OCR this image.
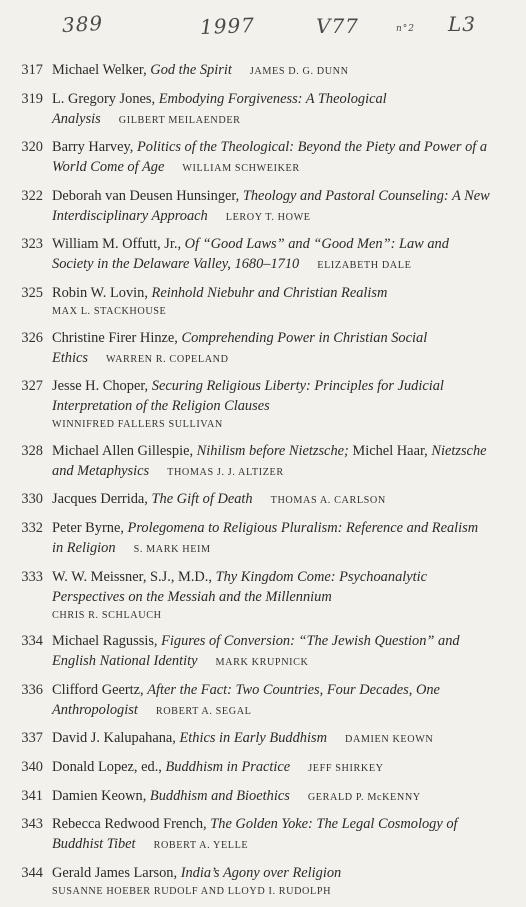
389	1997	V77	n°2 L3
317 Michael Welker, God the Spirit JAMES D. G. DUNN
319 L. Gregory Jones, Embodying Forgiveness: A Theological Analysis GILBERT MEILAENDER
320 Barry Harvey, Politics of the Theological: Beyond the Piety and Power of a World Come of Age WILLIAM SCHWEIKER
322 Deborah van Deusen Hunsinger, Theology and Pastoral Counseling: A New Interdisciplinary Approach LEROY T. HOWE
323 William M. Offutt, Jr., Of “Good Laws” and “Good Men”: Law and Society in the Delaware Valley, 1680–1710 ELIZABETH DALE
325 Robin W. Lovin, Reinhold Niebuhr and Christian Realism
MAX L. STACKHOUSE
326 Christine Firer Hinze, Comprehending Power in Christian Social Ethics WARREN R. COPELAND
327 Jesse H. Choper, Securing Religious Liberty: Principles for Judicial Interpretation of the Religion Clauses
WINNIFRED FALLERS SULLIVAN
328 Michael Allen Gillespie, Nihilism before Nietzsche; Michel Haar, Nietzsche and Metaphysics THOMAS J. J. ALTIZER
330 Jacques Derrida, The Gift of Death THOMAS A. CARLSON
332 Peter Byrne, Prolegomena to Religious Pluralism: Reference and Realism in Religion S. MARK HEIM
333 W. W. Meissner, S.J., M.D., Thy Kingdom Come: Psychoanalytic Perspectives on the Messiah and the Millennium
CHRIS R. SCHLAUCH
334 Michael Ragussis, Figures of Conversion: “The Jewish Question” and English National Identity MARK KRUPNICK
336 Clifford Geertz, After the Fact: Two Countries, Four Decades, One Anthropologist ROBERT A. SEGAL
337 David J. Kalupahana, Ethics in Early Buddhism DAMIEN KEOWN
340 Donald Lopez, ed., Buddhism in Practice JEFF SHIRKEY
341 Damien Keown, Buddhism and Bioethics GERALD P. McKENNY
343 Rebecca Redwood French, The Golden Yoke: The Legal Cosmology of Buddhist Tibet ROBERT A. YELLE
344 Gerald James Larson, India’s Agony over Religion
SUSANNE HOEBER RUDOLF AND LLOYD I. RUDOLPH
